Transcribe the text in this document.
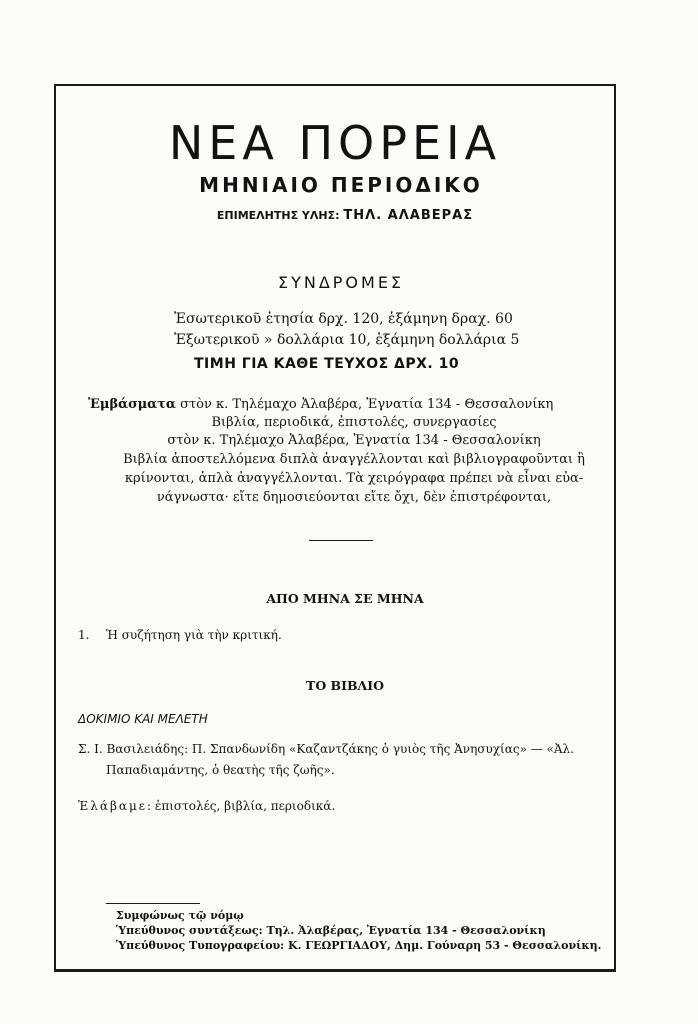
ΝΕΑ ΠΟΡΕΙΑ
ΜΗΝΙΑΙΟ ΠΕΡΙΟΔΙΚΟ
ΕΠΙΜΕΛΗΤΗΣ ΥΛΗΣ: ΤΗΛ. ΑΛΑΒΕΡΑΣ
ΣΥΝΔΡΟΜΕΣ
Ἐσωτερικοῦ ἐτησία δρχ. 120, ἑξάμηνη δραχ. 60
Ἐξωτερικοῦ » δολλάρια 10, ἑξάμηνη δολλάρια 5
ΤΙΜΗ ΓΙΑ ΚΑΘΕ ΤΕΥΧΟΣ ΔΡΧ. 10
Ἐμβάσματα στὸν κ. Τηλέμαχο Ἀλαβέρα, Ἐγνατία 134 - Θεσσαλονίκη
Βιβλία, περιοδικά, ἐπιστολές, συνεργασίες
στὸν κ. Τηλέμαχο Ἀλαβέρα, Ἐγνατία 134 - Θεσσαλονίκη
Βιβλία ἀποστελλόμενα διπλὰ ἀναγγέλλονται καὶ βιβλιογραφοῦνται ἢ
κρίνονται, ἁπλὰ ἀναγγέλλονται. Τὰ χειρόγραφα πρέπει νὰ εἶναι εὐα-
νάγνωστα· εἴτε δημοσιεύονται εἴτε ὄχι, δὲν ἐπιστρέφονται,
ΑΠΟ ΜΗΝΑ ΣΕ ΜΗΝΑ
1. Ἡ συζήτηση γιὰ τὴν κριτική.
ΤΟ ΒΙΒΛΙΟ
ΔΟΚΙΜΙΟ ΚΑΙ ΜΕΛΕΤΗ
Σ. Ι. Βασιλειάδης: Π. Σπανδωνίδη «Καζαντζάκης ὁ γυιὸς τῆς Ἀνησυχίας» — «Ἀλ.
Παπαδιαμάντης, ὁ θεατὴς τῆς ζωῆς».
Ἐλάβαμε: ἐπιστολές, βιβλία, περιοδικά.
Συμφώνως τῷ νόμῳ
Ὑπεύθυνος συντάξεως: Τηλ. Ἀλαβέρας, Ἐγνατία 134 - Θεσσαλονίκη
Ὑπεύθυνος Τυπογραφείου: Κ. ΓΕΩΡΓΙΑΔΟΥ, Δημ. Γούναρη 53 - Θεσσαλονίκη.
